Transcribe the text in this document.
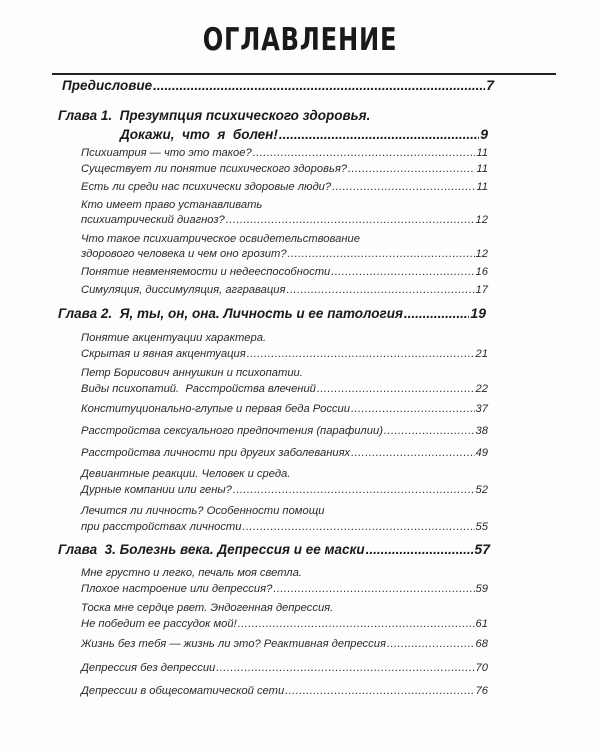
ОГЛАВЛЕНИЕ
Предисловие .....	7
Глава 1.  Презумпция психического здоровья.
Докажи,  что  я  болен! .....	9
Психиатрия — что это такое? .....	11
Существует ли понятие психического здоровья? .....	11
Есть ли среди нас психически здоровые люди? .....	11
Кто имеет право устанавливать
психиатрический диагноз? .....	12
Что такое психиатрическое освидетельствование
здорового человека и чем оно грозит? .....	12
Понятие невменяемости и недееспособности .....	16
Симуляция, диссимуляция, аггравация .....	17
Глава 2.  Я, ты, он, она. Личность и ее патология .....	19
Понятие акцентуации характера.
Скрытая и явная акцентуация .....	21
Петр Борисович аннушкин и психопатии.
Виды психопатий.  Расстройства влечений .....	22
Конституционально-глупые и первая беда России .....	37
Расстройства сексуального предпочтения (парафилии) .....	38
Расстройства личности при других заболеваниях .....	49
Девиантные реакции. Человек и среда.
Дурные компании или гены? .....	52
Лечится ли личность? Особенности помощи
при расстройствах личности .....	55
Глава  3. Болезнь века. Депрессия и ее маски .....	57
Мне грустно и легко, печаль моя светла.
Плохое настроение или депрессия? .....	59
Тоска мне сердце рвет. Эндогенная депрессия.
Не победит ее рассудок мой! .....	61
Жизнь без тебя — жизнь ли это? Реактивная депрессия .....	68
Депрессия без депрессии .....	70
Депрессии в общесоматической сети .....	76
